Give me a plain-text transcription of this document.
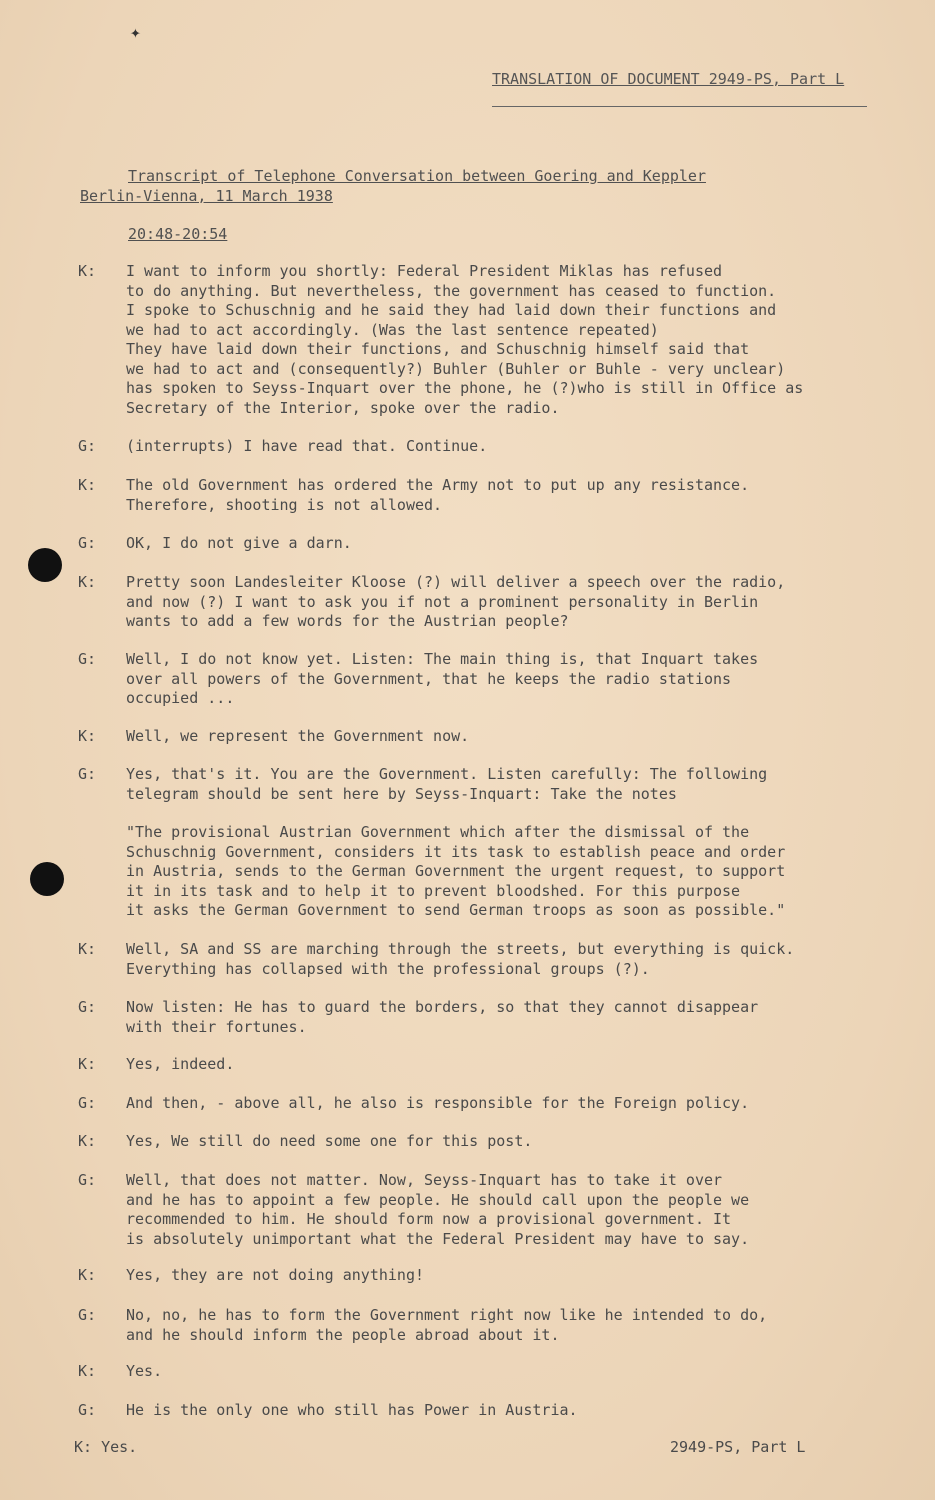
✦
TRANSLATION OF DOCUMENT 2949-PS, Part L
Transcript of Telephone Conversation between Goering and Keppler
Berlin-Vienna, 11 March 1938
20:48-20:54
K: I want to inform you shortly: Federal President Miklas has refused
to do anything. But nevertheless, the government has ceased to function.
I spoke to Schuschnig and he said they had laid down their functions and
we had to act accordingly. (Was the last sentence repeated)
They have laid down their functions, and Schuschnig himself said that
we had to act and (consequently?) Buhler (Buhler or Buhle - very unclear)
has spoken to Seyss-Inquart over the phone, he (?)who is still in Office as
Secretary of the Interior, spoke over the radio.
G: (interrupts) I have read that. Continue.
K: The old Government has ordered the Army not to put up any resistance.
Therefore, shooting is not allowed.
G: OK, I do not give a darn.
K: Pretty soon Landesleiter Kloose (?) will deliver a speech over the radio,
and now (?) I want to ask you if not a prominent personality in Berlin
wants to add a few words for the Austrian people?
G: Well, I do not know yet. Listen: The main thing is, that Inquart takes
over all powers of the Government, that he keeps the radio stations
occupied ...
K: Well, we represent the Government now.
G: Yes, that's it. You are the Government. Listen carefully: The following
telegram should be sent here by Seyss-Inquart: Take the notes
"The provisional Austrian Government which after the dismissal of the
Schuschnig Government, considers it its task to establish peace and order
in Austria, sends to the German Government the urgent request, to support
it in its task and to help it to prevent bloodshed. For this purpose
it asks the German Government to send German troops as soon as possible."
K: Well, SA and SS are marching through the streets, but everything is quick.
Everything has collapsed with the professional groups (?).
G: Now listen: He has to guard the borders, so that they cannot disappear
with their fortunes.
K: Yes, indeed.
G: And then, - above all, he also is responsible for the Foreign policy.
K: Yes, We still do need some one for this post.
G: Well, that does not matter. Now, Seyss-Inquart has to take it over
and he has to appoint a few people. He should call upon the people we
recommended to him. He should form now a provisional government. It
is absolutely unimportant what the Federal President may have to say.
K: Yes, they are not doing anything!
G: No, no, he has to form the Government right now like he intended to do,
and he should inform the people abroad about it.
K: Yes.
G: He is the only one who still has Power in Austria.
K: Yes.	2949-PS, Part L
